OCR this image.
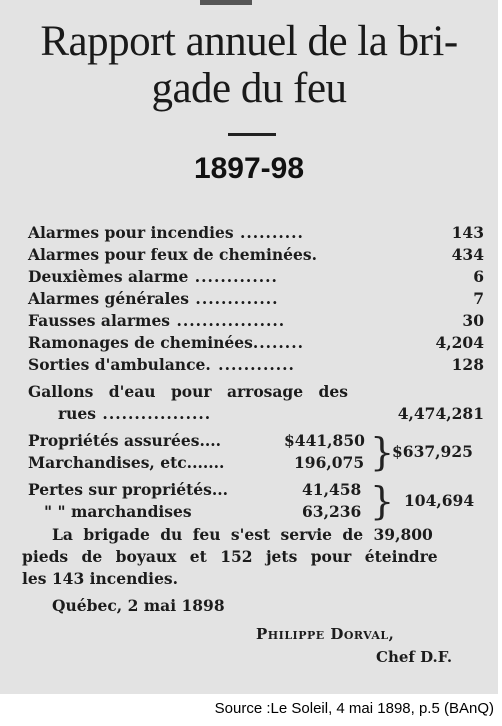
Rapport annuel de la bri-
gade du feu
1897-98
Alarmes pour incendies ..........	143
Alarmes pour feux de cheminées.	434
Deuxièmes alarme .............	6
Alarmes générales .............	7
Fausses alarmes .................	30
Ramonages de cheminées........	4,204
Sorties d'ambulance. ............	128
Gallons d'eau pour arrosage des
rues .................	4,474,281
Propriétés assurées....	$441,850
Marchandises, etc.......	196,075 }
$637,925
Pertes sur propriétés...	41,458
" " marchandises	63,236 } 104,694
La brigade du feu s'est servie de 39,800
pieds de boyaux et 152 jets pour éteindre
les 143 incendies.
Québec, 2 mai 1898
Philippe Dorval,
Chef D.F.
Source :Le Soleil, 4 mai 1898, p.5 (BAnQ)
